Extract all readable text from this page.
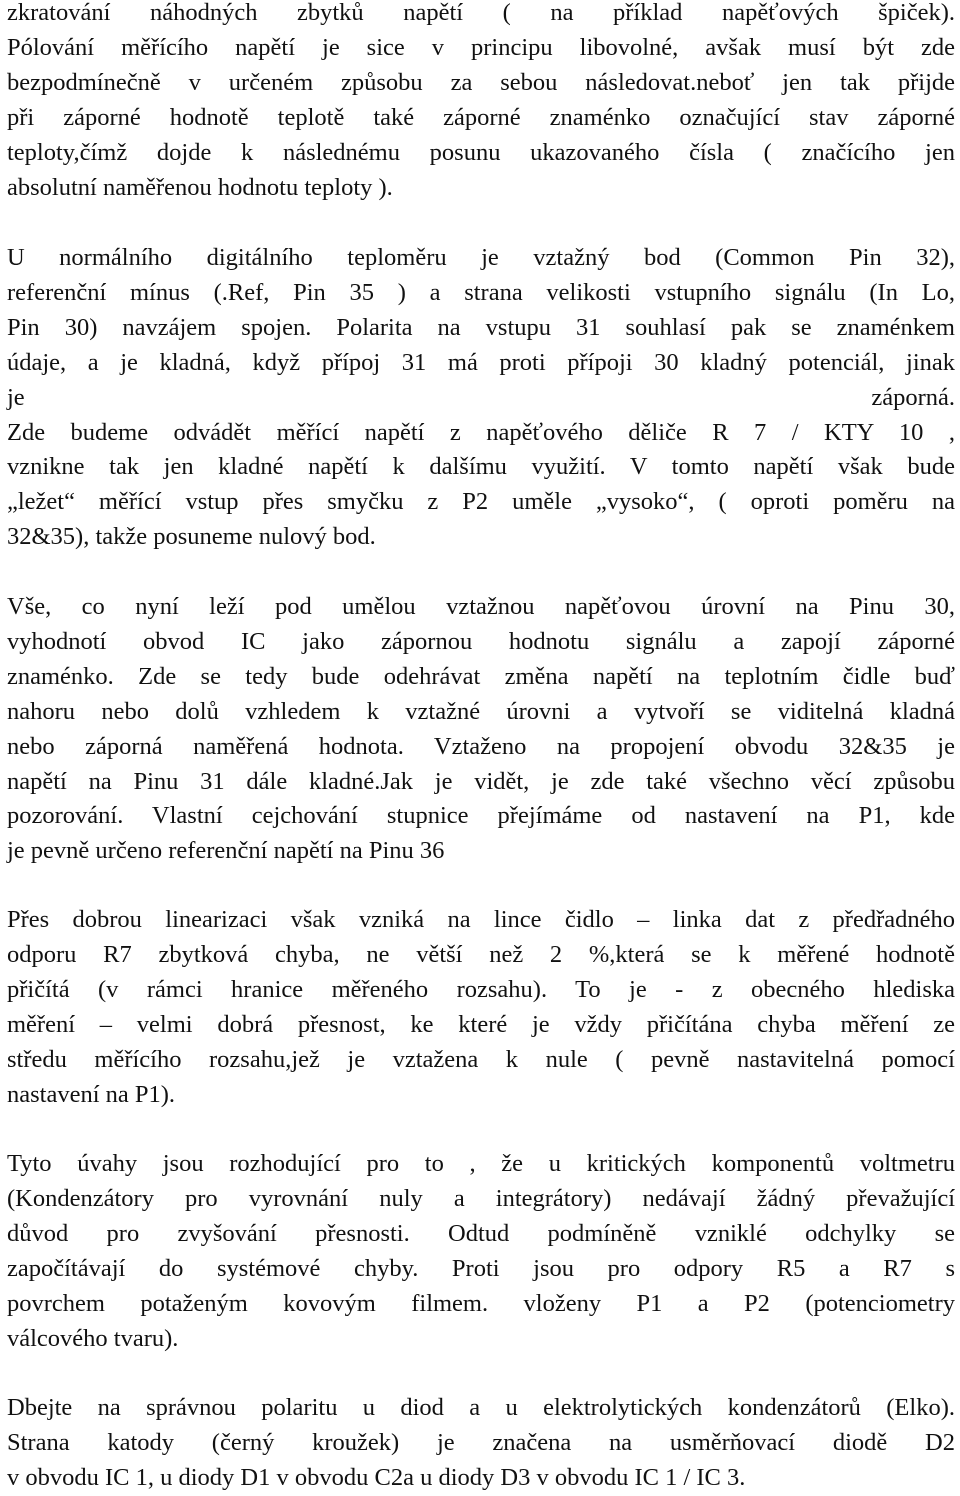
zkratování náhodných zbytků napětí ( na příklad napěťových špiček).
Pólování měřícího napětí je sice v principu libovolné, avšak musí být zde
bezpodmínečně v určeném způsobu za sebou následovat.neboť jen tak přijde
při záporné hodnotě teplotě také záporné znaménko označující stav záporné
teploty,čímž dojde k následnému posunu ukazovaného čísla ( značícího jen
absolutní naměřenou hodnotu teploty ).
U normálního digitálního teploměru je vztažný bod (Common Pin 32),
referenční mínus (.Ref, Pin 35 ) a strana velikosti vstupního signálu (In Lo,
Pin 30) navzájem spojen. Polarita na vstupu 31 souhlasí pak se znaménkem
údaje, a je kladná, když přípoj 31 má proti přípoji 30 kladný potenciál, jinak
je záporná.
Zde budeme odvádět měřící napětí z napěťového děliče R 7 / KTY 10 ,
vznikne tak jen kladné napětí k dalšímu využití. V tomto napětí však bude
„ležet“ měřící vstup přes smyčku z P2 uměle „vysoko“, ( oproti poměru na
32&35), takže posuneme nulový bod.
Vše, co nyní leží pod umělou vztažnou napěťovou úrovní na Pinu 30,
vyhodnotí obvod IC jako zápornou hodnotu signálu a zapojí záporné
znaménko. Zde se tedy bude odehrávat změna napětí na teplotním čidle buď
nahoru nebo dolů vzhledem k vztažné úrovni a vytvoří se viditelná kladná
nebo záporná naměřená hodnota. Vztaženo na propojení obvodu 32&35 je
napětí na Pinu 31 dále kladné.Jak je vidět, je zde také všechno věcí způsobu
pozorování. Vlastní cejchování stupnice přejímáme od nastavení na P1, kde
je pevně určeno referenční napětí na Pinu 36
Přes dobrou linearizaci však vzniká na lince čidlo – linka dat z předřadného
odporu R7 zbytková chyba, ne větší než 2 %,která se k měřené hodnotě
přičítá (v rámci hranice měřeného rozsahu). To je - z obecného hlediska
měření – velmi dobrá přesnost, ke které je vždy přičítána chyba měření ze
středu měřícího rozsahu,jež je vztažena k nule ( pevně nastavitelná pomocí
nastavení na P1).
Tyto úvahy jsou rozhodující pro to , že u kritických komponentů voltmetru
(Kondenzátory pro vyrovnání nuly a integrátory) nedávají žádný převažující
důvod pro zvyšování přesnosti. Odtud podmíněně vzniklé odchylky se
započítávají do systémové chyby. Proti jsou pro odpory R5 a R7 s
povrchem potaženým kovovým filmem. vloženy P1 a P2 (potenciometry
válcového tvaru).
Dbejte na správnou polaritu u diod a u elektrolytických kondenzátorů (Elko).
Strana katody (černý kroužek) je značena na usměrňovací diodě D2
v obvodu IC 1, u diody D1 v obvodu C2a u diody D3 v obvodu IC 1 / IC 3.
